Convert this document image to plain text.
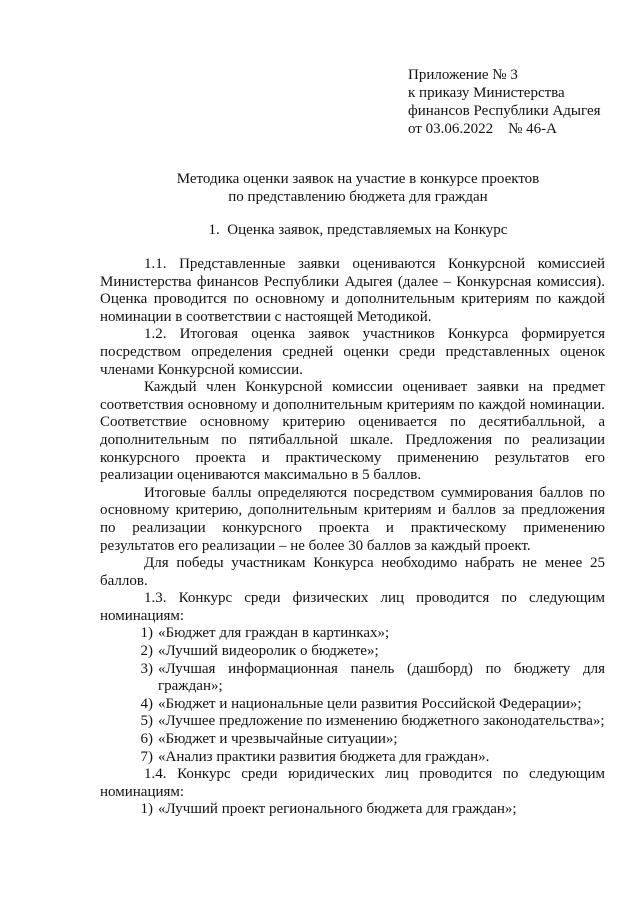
Приложение № 3
к приказу Министерства
финансов Республики Адыгея
от 03.06.2022    № 46-А
Методика оценки заявок на участие в конкурсе проектов
по представлению бюджета для граждан
1.  Оценка заявок, представляемых на Конкурс

1.1. Представленные заявки оцениваются Конкурсной комиссией Министерства финансов Республики Адыгея (далее – Конкурсная комиссия). Оценка проводится по основному и дополнительным критериям по каждой номинации в соответствии с настоящей Методикой.

1.2. Итоговая оценка заявок участников Конкурса формируется посредством определения средней оценки среди представленных оценок членами Конкурсной комиссии.

Каждый член Конкурсной комиссии оценивает заявки на предмет соответствия основному и дополнительным критериям по каждой номинации. Соответствие основному критерию оценивается по десятибалльной, а дополнительным по пятибалльной шкале. Предложения по реализации конкурсного проекта и практическому применению результатов его реализации оцениваются максимально в 5 баллов.

Итоговые баллы определяются посредством суммирования баллов по основному критерию, дополнительным критериям и баллов за предложения по реализации конкурсного проекта и практическому применению результатов его реализации – не более 30 баллов за каждый проект.

Для победы участникам Конкурса необходимо набрать не менее 25 баллов.

1.3. Конкурс среди физических лиц проводится по следующим номинациям:

1) «Бюджет для граждан в картинках»;
2) «Лучший видеоролик о бюджете»;
3) «Лучшая информационная панель (дашборд) по бюджету для граждан»;
4) «Бюджет и национальные цели развития Российской Федерации»;
5) «Лучшее предложение по изменению бюджетного законодательства»;
6) «Бюджет и чрезвычайные ситуации»;
7) «Анализ практики развития бюджета для граждан».

1.4. Конкурс среди юридических лиц проводится по следующим номинациям:

1) «Лучший проект регионального бюджета для граждан»;
